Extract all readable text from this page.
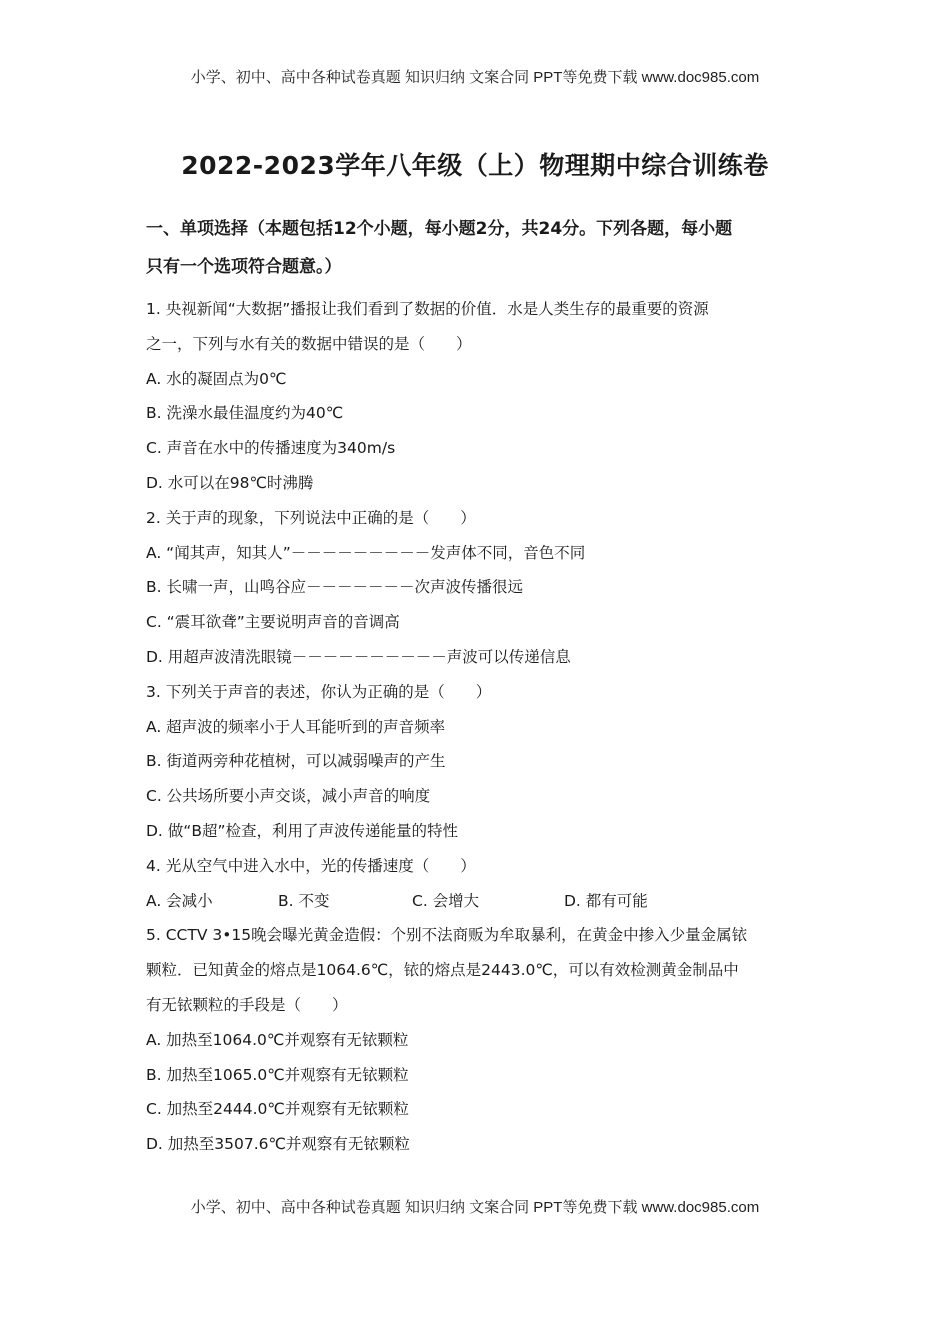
小学、初中、高中各种试卷真题 知识归纳 文案合同 PPT等免费下载 www.doc985.com
2022-2023学年八年级（上）物理期中综合训练卷
一、单项选择（本题包括12个小题，每小题2分，共24分。下列各题，每小题
只有一个选项符合题意。）
1. 央视新闻“大数据”播报让我们看到了数据的价值．水是人类生存的最重要的资源
之一，下列与水有关的数据中错误的是（　　）
A. 水的凝固点为0℃
B. 洗澡水最佳温度约为40℃
C. 声音在水中的传播速度为340m/s
D. 水可以在98℃时沸腾
2. 关于声的现象，下列说法中正确的是（　　）
A. “闻其声，知其人”－－－－－－－－－发声体不同，音色不同
B. 长啸一声，山鸣谷应－－－－－－－次声波传播很远
C. “震耳欲聋”主要说明声音的音调高
D. 用超声波清洗眼镜－－－－－－－－－－声波可以传递信息
3. 下列关于声音的表述，你认为正确的是（　　）
A. 超声波的频率小于人耳能听到的声音频率
B. 街道两旁种花植树，可以减弱噪声的产生
C. 公共场所要小声交谈，减小声音的响度
D. 做“B超”检查，利用了声波传递能量的特性
4. 光从空气中进入水中，光的传播速度（　　）
A. 会减小	B. 不变	C. 会增大	D. 都有可能
5. CCTV 3•15晚会曝光黄金造假：个别不法商贩为牟取暴利，在黄金中掺入少量金属铱
颗粒．已知黄金的熔点是1064.6℃，铱的熔点是2443.0℃，可以有效检测黄金制品中
有无铱颗粒的手段是（　　）
A. 加热至1064.0℃并观察有无铱颗粒
B. 加热至1065.0℃并观察有无铱颗粒
C. 加热至2444.0℃并观察有无铱颗粒
D. 加热至3507.6℃并观察有无铱颗粒
小学、初中、高中各种试卷真题 知识归纳 文案合同 PPT等免费下载 www.doc985.com
